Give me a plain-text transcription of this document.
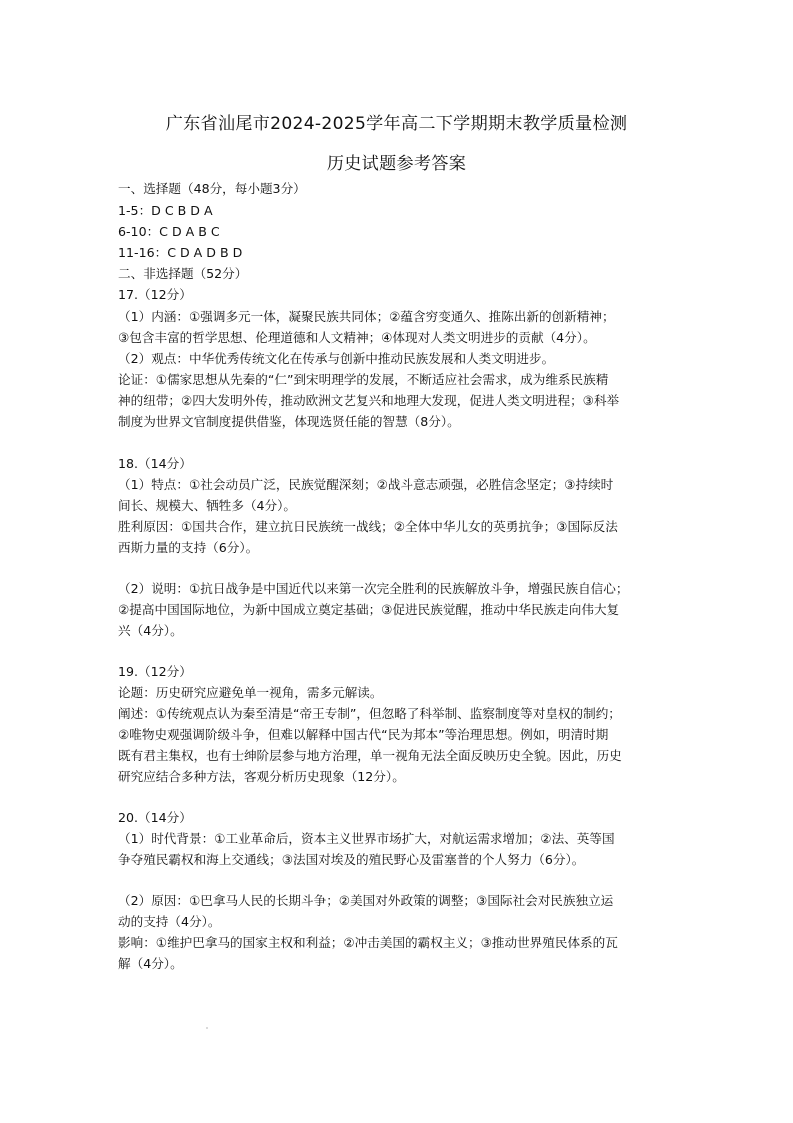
广东省汕尾市2024-2025学年高二下学期期末教学质量检测
历史试题参考答案
一、选择题（48分，每小题3分）
1-5：D C B D A
6-10：C D A B C
11-16：C D A D B D
二、非选择题（52分）
17.（12分）
（1）内涵：①强调多元一体，凝聚民族共同体；②蕴含穷变通久、推陈出新的创新精神；
③包含丰富的哲学思想、伦理道德和人文精神；④体现对人类文明进步的贡献（4分）。
（2）观点：中华优秀传统文化在传承与创新中推动民族发展和人类文明进步。
论证：①儒家思想从先秦的“仁”到宋明理学的发展，不断适应社会需求，成为维系民族精
神的纽带；②四大发明外传，推动欧洲文艺复兴和地理大发现，促进人类文明进程；③科举
制度为世界文官制度提供借鉴，体现选贤任能的智慧（8分）。
18.（14分）
（1）特点：①社会动员广泛，民族觉醒深刻；②战斗意志顽强，必胜信念坚定；③持续时
间长、规模大、牺牲多（4分）。
胜利原因：①国共合作，建立抗日民族统一战线；②全体中华儿女的英勇抗争；③国际反法
西斯力量的支持（6分）。
（2）说明：①抗日战争是中国近代以来第一次完全胜利的民族解放斗争，增强民族自信心；
②提高中国国际地位，为新中国成立奠定基础；③促进民族觉醒，推动中华民族走向伟大复
兴（4分）。
19.（12分）
论题：历史研究应避免单一视角，需多元解读。
阐述：①传统观点认为秦至清是“帝王专制”，但忽略了科举制、监察制度等对皇权的制约；
②唯物史观强调阶级斗争，但难以解释中国古代“民为邦本”等治理思想。例如，明清时期
既有君主集权，也有士绅阶层参与地方治理，单一视角无法全面反映历史全貌。因此，历史
研究应结合多种方法，客观分析历史现象（12分）。
20.（14分）
（1）时代背景：①工业革命后，资本主义世界市场扩大，对航运需求增加；②法、英等国
争夺殖民霸权和海上交通线；③法国对埃及的殖民野心及雷塞普的个人努力（6分）。
（2）原因：①巴拿马人民的长期斗争；②美国对外政策的调整；③国际社会对民族独立运
动的支持（4分）。
影响：①维护巴拿马的国家主权和利益；②冲击美国的霸权主义；③推动世界殖民体系的瓦
解（4分）。
